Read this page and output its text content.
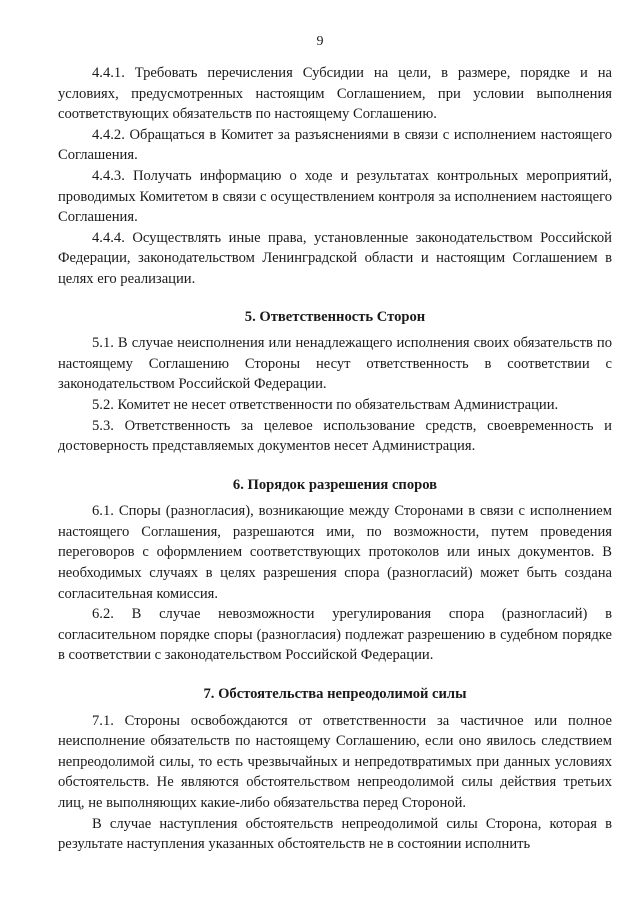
9

4.4.1. Требовать перечисления Субсидии на цели, в размере, порядке и на условиях, предусмотренных настоящим Соглашением, при условии выполнения соответствующих обязательств по настоящему Соглашению.

4.4.2. Обращаться в Комитет за разъяснениями в связи с исполнением настоящего Соглашения.

4.4.3. Получать информацию о ходе и результатах контрольных мероприятий, проводимых Комитетом в связи с осуществлением контроля за исполнением настоящего Соглашения.

4.4.4. Осуществлять иные права, установленные законодательством Российской Федерации, законодательством Ленинградской области и настоящим Соглашением в целях его реализации.

5. Ответственность Сторон

5.1. В случае неисполнения или ненадлежащего исполнения своих обязательств по настоящему Соглашению Стороны несут ответственность в соответствии с законодательством Российской Федерации.

5.2. Комитет не несет ответственности по обязательствам Администрации.

5.3. Ответственность за целевое использование средств, своевременность и достоверность представляемых документов несет Администрация.

6. Порядок разрешения споров

6.1. Споры (разногласия), возникающие между Сторонами в связи с исполнением настоящего Соглашения, разрешаются ими, по возможности, путем проведения переговоров с оформлением соответствующих протоколов или иных документов. В необходимых случаях в целях разрешения спора (разногласий) может быть создана согласительная комиссия.

6.2. В случае невозможности урегулирования спора (разногласий) в согласительном порядке споры (разногласия) подлежат разрешению в судебном порядке в соответствии с законодательством Российской Федерации.

7. Обстоятельства непреодолимой силы

7.1. Стороны освобождаются от ответственности за частичное или полное неисполнение обязательств по настоящему Соглашению, если оно явилось следствием непреодолимой силы, то есть чрезвычайных и непредотвратимых при данных условиях обстоятельств. Не являются обстоятельством непреодолимой силы действия третьих лиц, не выполняющих какие-либо обязательства перед Стороной.

В случае наступления обстоятельств непреодолимой силы Сторона, которая в результате наступления указанных обстоятельств не в состоянии исполнить
